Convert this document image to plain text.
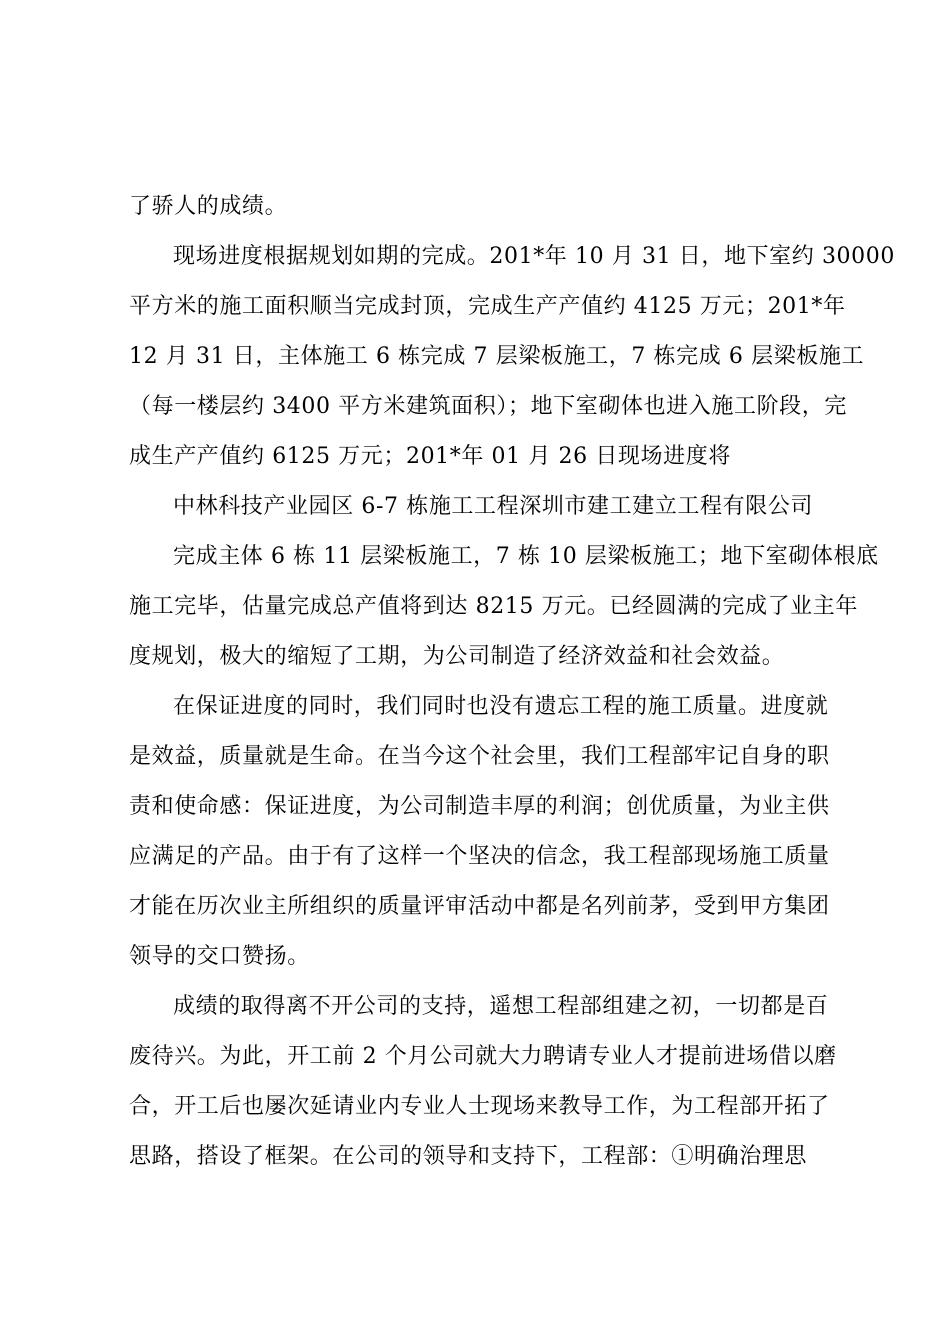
了骄人的成绩。
现场进度根据规划如期的完成。201*年 10 月 31 日，地下室约 30000
平方米的施工面积顺当完成封顶，完成生产产值约 4125 万元；201*年
12 月 31 日，主体施工 6 栋完成 7 层梁板施工，7 栋完成 6 层梁板施工
（每一楼层约 3400 平方米建筑面积）；地下室砌体也进入施工阶段，完
成生产产值约 6125 万元；201*年 01 月 26 日现场进度将
中林科技产业园区 6-7 栋施工工程深圳市建工建立工程有限公司
完成主体 6 栋 11 层梁板施工，7 栋 10 层梁板施工；地下室砌体根底
施工完毕，估量完成总产值将到达 8215 万元。已经圆满的完成了业主年
度规划，极大的缩短了工期，为公司制造了经济效益和社会效益。
在保证进度的同时，我们同时也没有遗忘工程的施工质量。进度就
是效益，质量就是生命。在当今这个社会里，我们工程部牢记自身的职
责和使命感：保证进度，为公司制造丰厚的利润；创优质量，为业主供
应满足的产品。由于有了这样一个坚决的信念，我工程部现场施工质量
才能在历次业主所组织的质量评审活动中都是名列前茅，受到甲方集团
领导的交口赞扬。
成绩的取得离不开公司的支持，遥想工程部组建之初，一切都是百
废待兴。为此，开工前 2 个月公司就大力聘请专业人才提前进场借以磨
合，开工后也屡次延请业内专业人士现场来教导工作，为工程部开拓了
思路，搭设了框架。在公司的领导和支持下，工程部：①明确治理思
